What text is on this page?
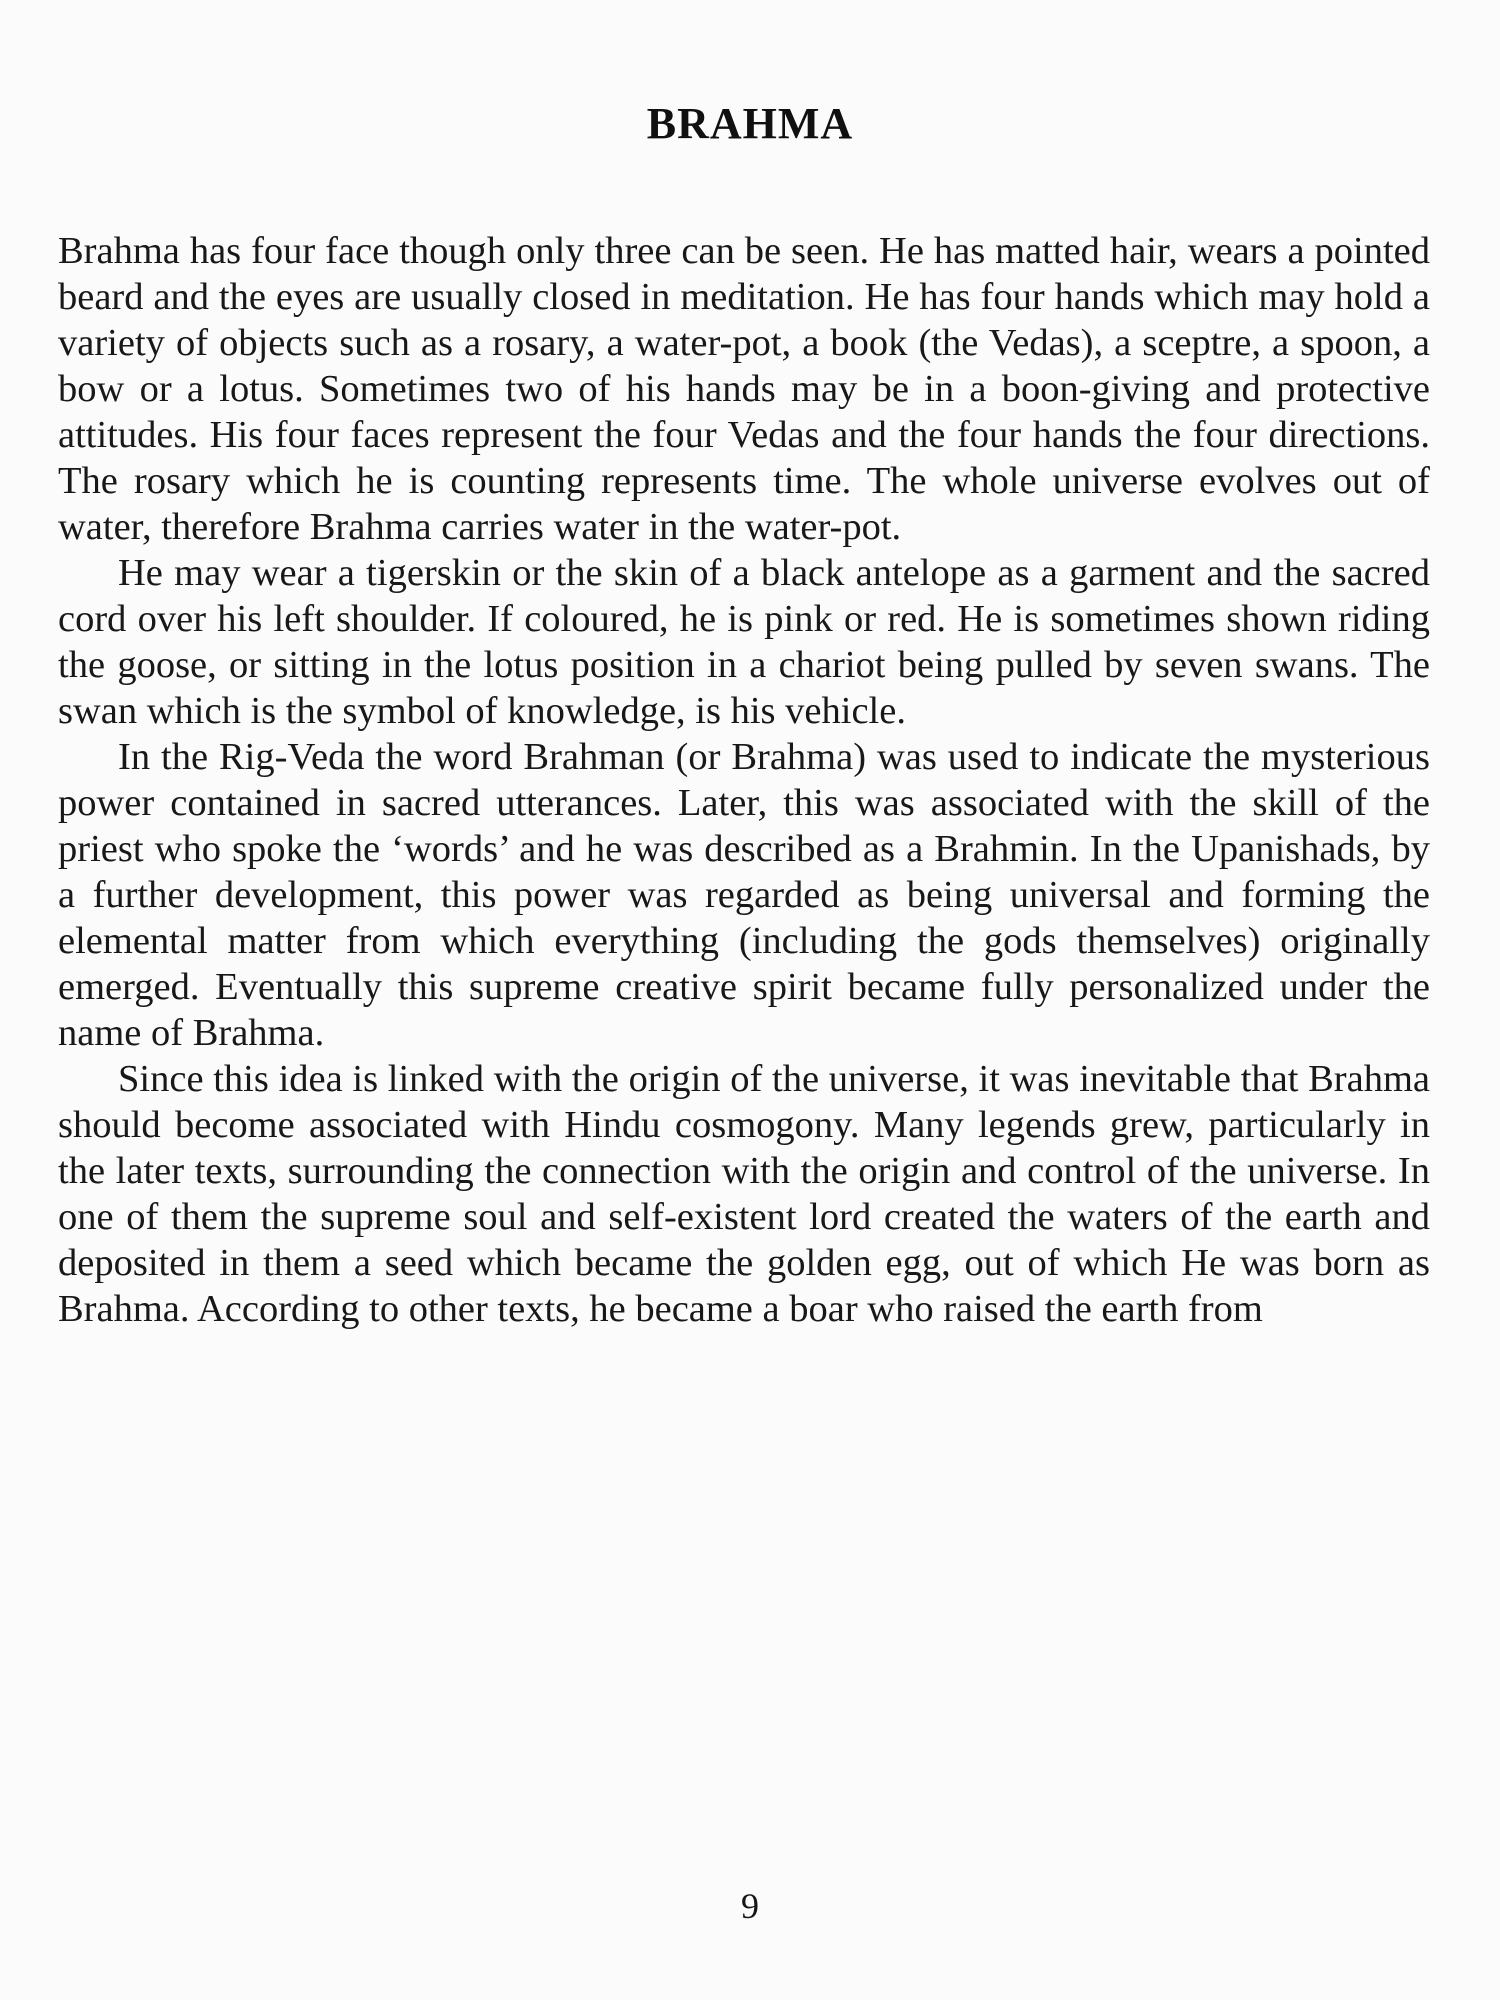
BRAHMA

Brahma has four face though only three can be seen. He has matted hair, wears a pointed beard and the eyes are usually closed in meditation. He has four hands which may hold a variety of objects such as a rosary, a water-pot, a book (the Vedas), a sceptre, a spoon, a bow or a lotus. Sometimes two of his hands may be in a boon-giving and protective attitudes. His four faces represent the four Vedas and the four hands the four directions. The rosary which he is counting represents time. The whole universe evolves out of water, therefore Brahma carries water in the water-pot.

He may wear a tigerskin or the skin of a black antelope as a garment and the sacred cord over his left shoulder. If coloured, he is pink or red. He is sometimes shown riding the goose, or sitting in the lotus position in a chariot being pulled by seven swans. The swan which is the symbol of knowledge, is his vehicle.

In the Rig-Veda the word Brahman (or Brahma) was used to indicate the mysterious power contained in sacred utterances. Later, this was associated with the skill of the priest who spoke the ‘words’ and he was described as a Brahmin. In the Upanishads, by a further development, this power was regarded as being universal and forming the elemental matter from which everything (including the gods themselves) originally emerged. Eventually this supreme creative spirit became fully personalized under the name of Brahma.

Since this idea is linked with the origin of the universe, it was inevitable that Brahma should become associated with Hindu cosmogony. Many legends grew, particularly in the later texts, surrounding the connection with the origin and control of the universe. In one of them the supreme soul and self-existent lord created the waters of the earth and deposited in them a seed which became the golden egg, out of which He was born as Brahma. According to other texts, he became a boar who raised the earth from

9
